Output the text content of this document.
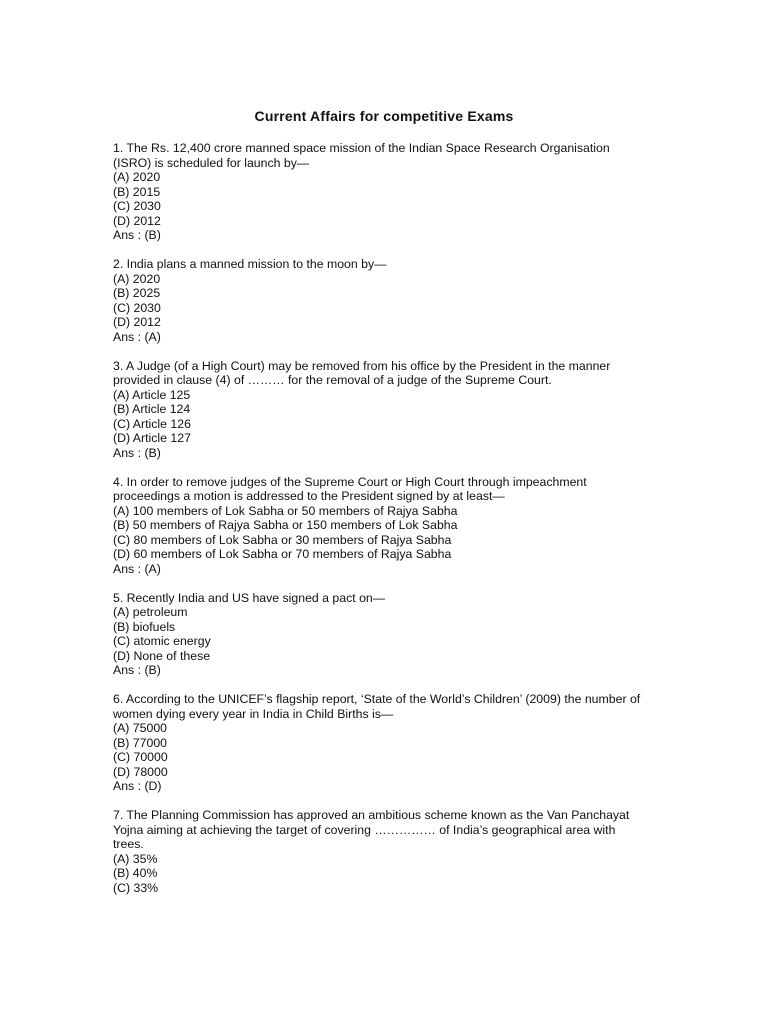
Current Affairs for competitive Exams
1. The Rs. 12,400 crore manned space mission of the Indian Space Research Organisation (ISRO) is scheduled for launch by—
(A) 2020
(B) 2015
(C) 2030
(D) 2012
Ans : (B)
2. India plans a manned mission to the moon by—
(A) 2020
(B) 2025
(C) 2030
(D) 2012
Ans : (A)
3. A Judge (of a High Court) may be removed from his office by the President in the manner provided in clause (4) of ……… for the removal of a judge of the Supreme Court.
(A) Article 125
(B) Article 124
(C) Article 126
(D) Article 127
Ans : (B)
4. In order to remove judges of the Supreme Court or High Court through impeachment proceedings a motion is addressed to the President signed by at least—
(A) 100 members of Lok Sabha or 50 members of Rajya Sabha
(B) 50 members of Rajya Sabha or 150 members of Lok Sabha
(C) 80 members of Lok Sabha or 30 members of Rajya Sabha
(D) 60 members of Lok Sabha or 70 members of Rajya Sabha
Ans : (A)
5. Recently India and US have signed a pact on—
(A) petroleum
(B) biofuels
(C) atomic energy
(D) None of these
Ans : (B)
6. According to the UNICEF’s flagship report, ‘State of the World’s Children’ (2009) the number of women dying every year in India in Child Births is—
(A) 75000
(B) 77000
(C) 70000
(D) 78000
Ans : (D)
7. The Planning Commission has approved an ambitious scheme known as the Van Panchayat Yojna aiming at achieving the target of covering …………… of India’s geographical area with trees.
(A) 35%
(B) 40%
(C) 33%
